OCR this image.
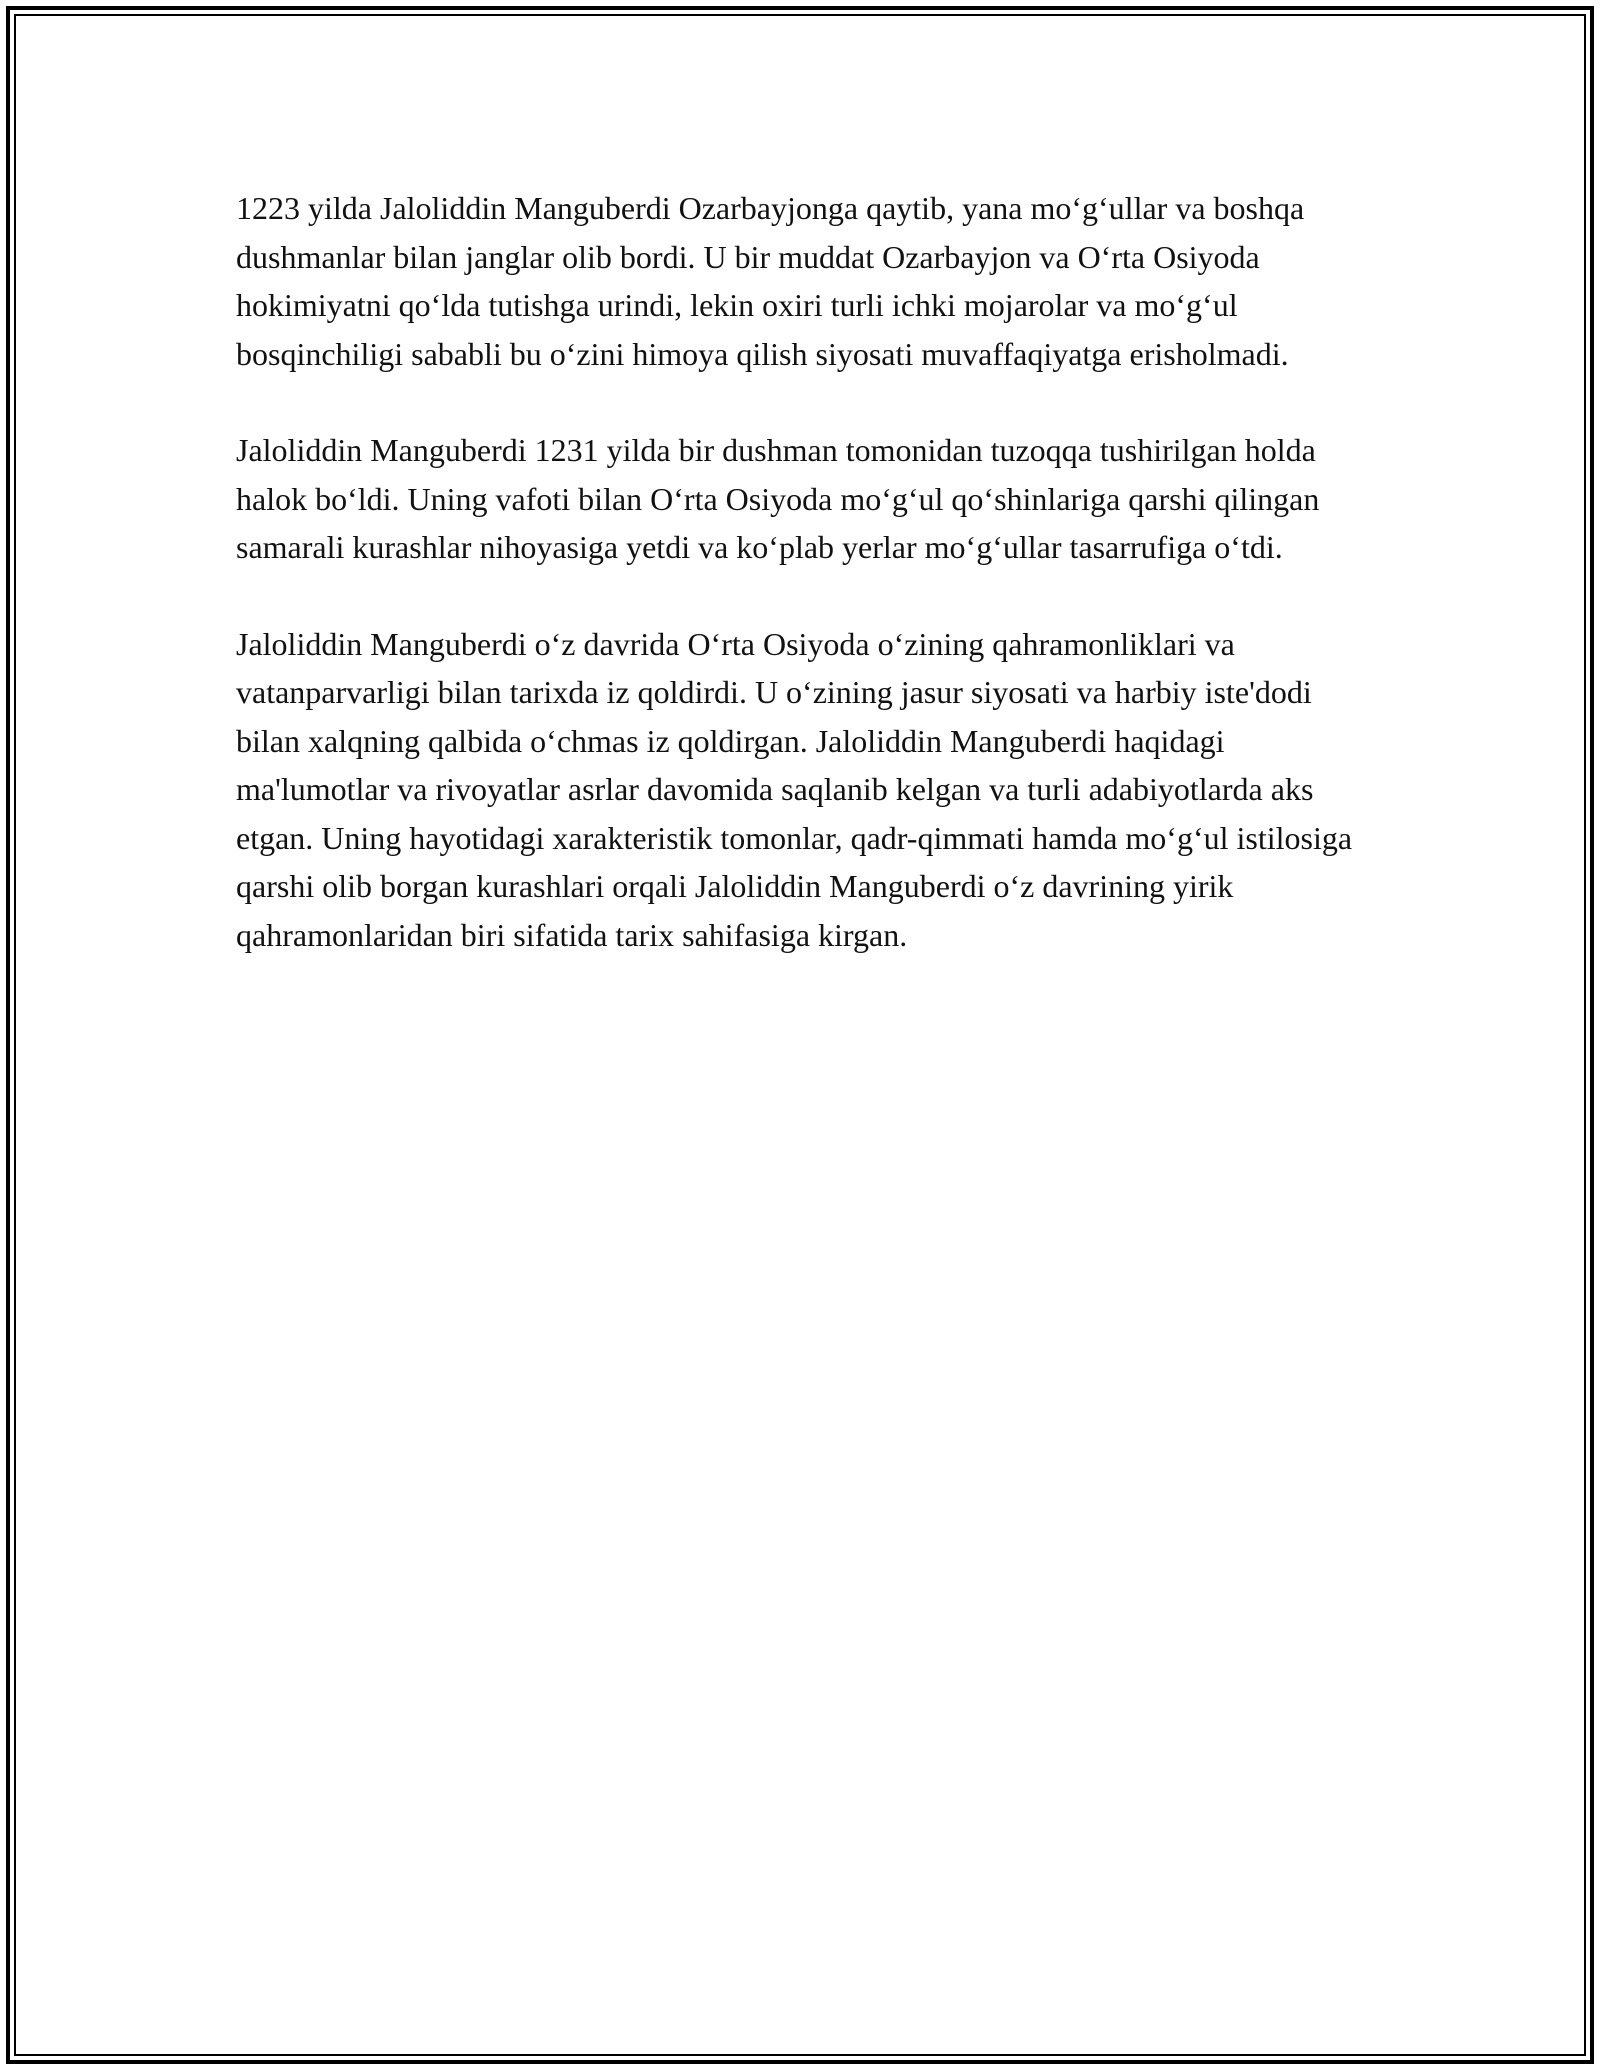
1223 yilda Jaloliddin Manguberdi Ozarbayjonga qaytib, yana mo‘g‘ullar va boshqa dushmanlar bilan janglar olib bordi. U bir muddat Ozarbayjon va O‘rta Osiyoda hokimiyatni qo‘lda tutishga urindi, lekin oxiri turli ichki mojarolar va mo‘g‘ul bosqinchiligi sababli bu o‘zini himoya qilish siyosati muvaffaqiyatga erisholmadi.

Jaloliddin Manguberdi 1231 yilda bir dushman tomonidan tuzoqqa tushirilgan holda halok bo‘ldi. Uning vafoti bilan O‘rta Osiyoda mo‘g‘ul qo‘shinlariga qarshi qilingan samarali kurashlar nihoyasiga yetdi va ko‘plab yerlar mo‘g‘ullar tasarrufiga o‘tdi.

Jaloliddin Manguberdi o‘z davrida O‘rta Osiyoda o‘zining qahramonliklari va vatanparvarligi bilan tarixda iz qoldirdi. U o‘zining jasur siyosati va harbiy iste'dodi bilan xalqning qalbida o‘chmas iz qoldirgan. Jaloliddin Manguberdi haqidagi ma'lumotlar va rivoyatlar asrlar davomida saqlanib kelgan va turli adabiyotlarda aks etgan. Uning hayotidagi xarakteristik tomonlar, qadr-qimmati hamda mo‘g‘ul istilosiga qarshi olib borgan kurashlari orqali Jaloliddin Manguberdi o‘z davrining yirik qahramonlaridan biri sifatida tarix sahifasiga kirgan.
